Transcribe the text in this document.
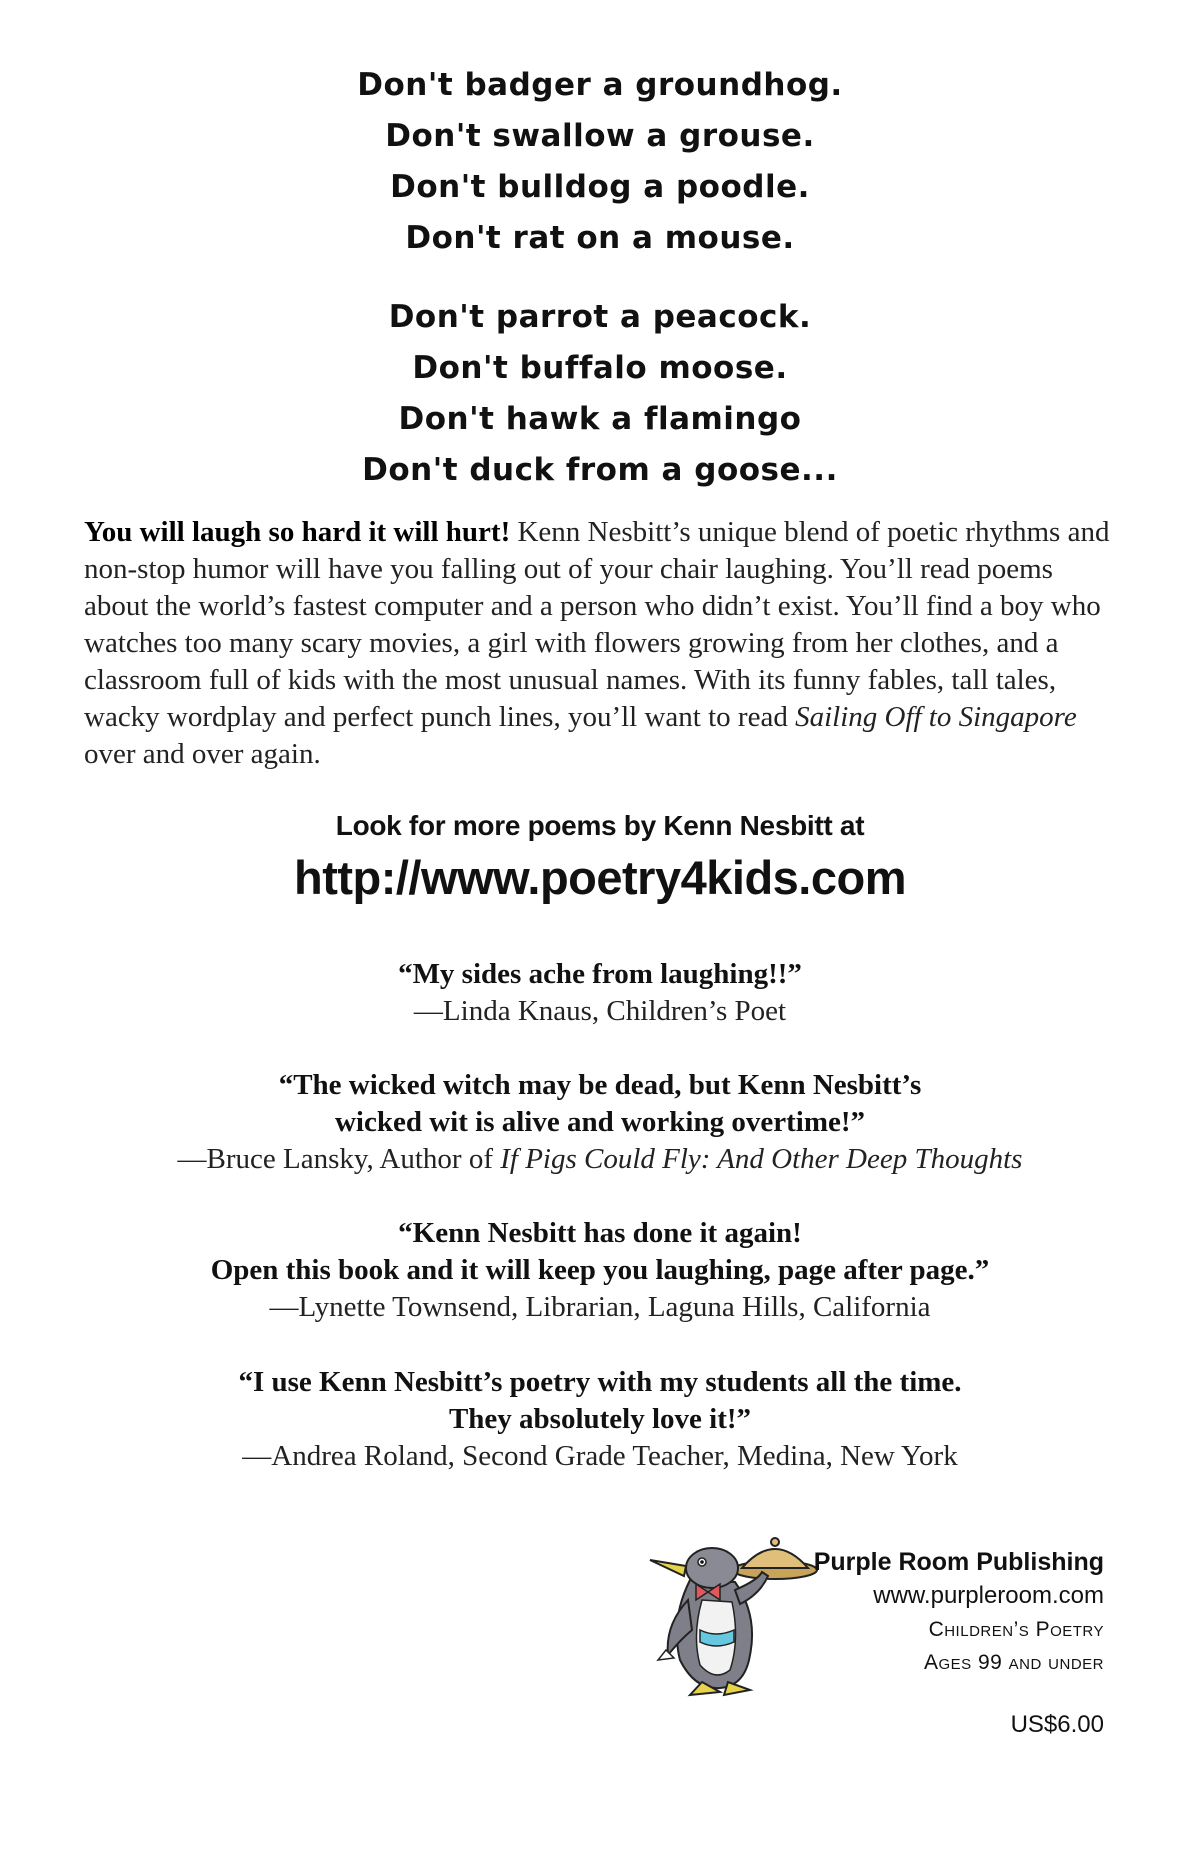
Don't badger a groundhog.
Don't swallow a grouse.
Don't bulldog a poodle.
Don't rat on a mouse.
Don't parrot a peacock.
Don't buffalo moose.
Don't hawk a flamingo
Don't duck from a goose...
You will laugh so hard it will hurt! Kenn Nesbitt’s unique blend of poetic rhythms and non-stop humor will have you falling out of your chair laughing. You’ll read poems about the world’s fastest computer and a person who didn’t exist. You’ll find a boy who watches too many scary movies, a girl with flowers growing from her clothes, and a classroom full of kids with the most unusual names. With its funny fables, tall tales, wacky wordplay and perfect punch lines, you’ll want to read Sailing Off to Singapore over and over again.
Look for more poems by Kenn Nesbitt at
http://www.poetry4kids.com
“My sides ache from laughing!!”
—Linda Knaus, Children’s Poet
“The wicked witch may be dead, but Kenn Nesbitt’s
wicked wit is alive and working overtime!”
—Bruce Lansky, Author of If Pigs Could Fly: And Other Deep Thoughts
“Kenn Nesbitt has done it again!
Open this book and it will keep you laughing, page after page.”
—Lynette Townsend, Librarian, Laguna Hills, California
“I use Kenn Nesbitt’s poetry with my students all the time.
They absolutely love it!”
—Andrea Roland, Second Grade Teacher, Medina, New York
Purple Room Publishing
www.purpleroom.com
Children’s Poetry
Ages 99 and under
US$6.00
